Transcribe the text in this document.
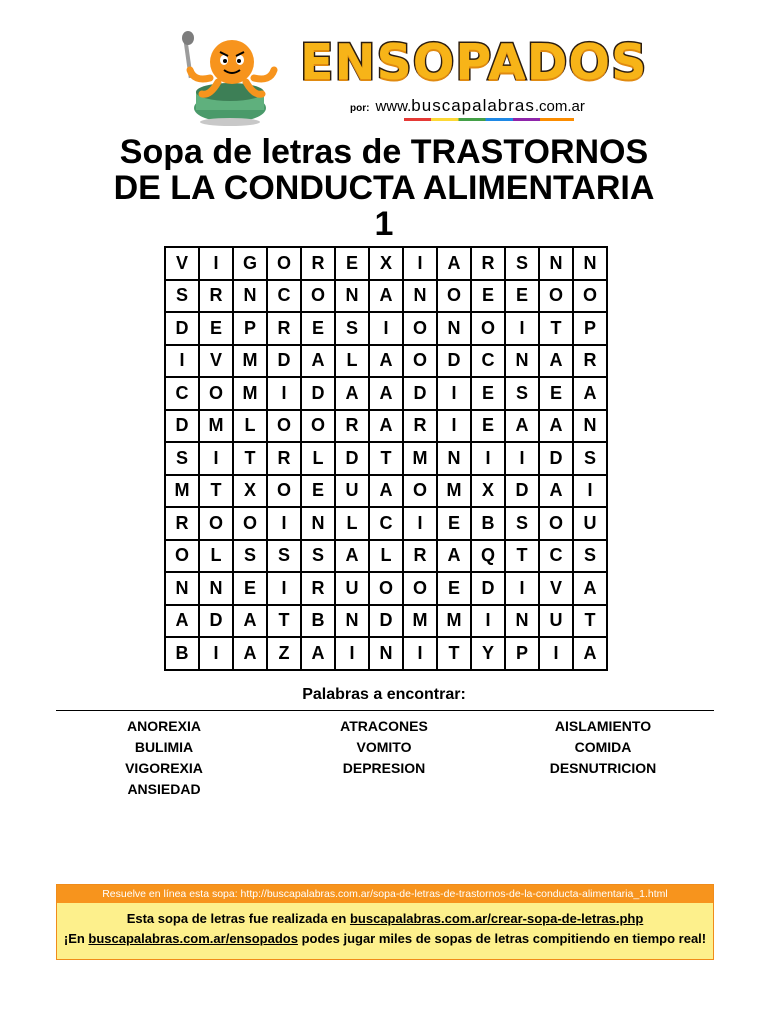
ENSOPADOS
por: www.buscapalabras.com.ar
Sopa de letras de TRASTORNOS
DE LA CONDUCTA ALIMENTARIA
1
V	I	G	O	R	E	X	I	A	R	S	N	N
S	R	N	C	O	N	A	N	O	E	E	O	O
D	E	P	R	E	S	I	O	N	O	I	T	P
I	V	M	D	A	L	A	O	D	C	N	A	R
C	O	M	I	D	A	A	D	I	E	S	E	A
D	M	L	O	O	R	A	R	I	E	A	A	N
S	I	T	R	L	D	T	M	N	I	I	D	S
M	T	X	O	E	U	A	O	M	X	D	A	I
R	O	O	I	N	L	C	I	E	B	S	O	U
O	L	S	S	S	A	L	R	A	Q	T	C	S
N	N	E	I	R	U	O	O	E	D	I	V	A
A	D	A	T	B	N	D	M	M	I	N	U	T
B	I	A	Z	A	I	N	I	T	Y	P	I	A
Palabras a encontrar:
ANOREXIA
BULIMIA
VIGOREXIA
ANSIEDAD
ATRACONES
VOMITO
DEPRESION
AISLAMIENTO
COMIDA
DESNUTRICION
Resuelve en línea esta sopa: http://buscapalabras.com.ar/sopa-de-letras-de-trastornos-de-la-conducta-alimentaria_1.html
Esta sopa de letras fue realizada en buscapalabras.com.ar/crear-sopa-de-letras.php
¡En buscapalabras.com.ar/ensopados podes jugar miles de sopas de letras compitiendo en tiempo real!
